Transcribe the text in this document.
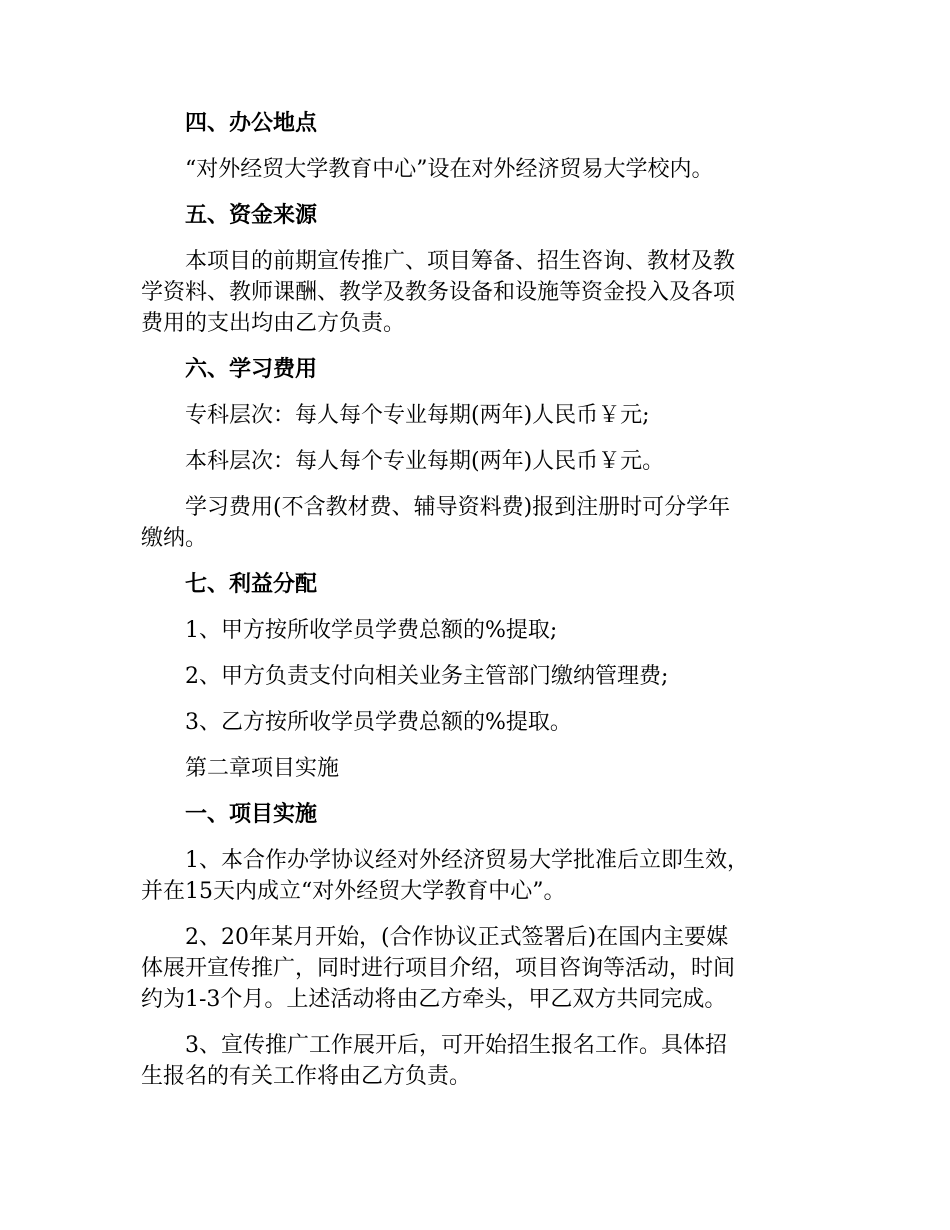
四、办公地点

“对外经贸大学教育中心”设在对外经济贸易大学校内。

五、资金来源

本项目的前期宣传推广、项目筹备、招生咨询、教材及教
学资料、教师课酬、教学及教务设备和设施等资金投入及各项
费用的支出均由乙方负责。

六、学习费用

专科层次：每人每个专业每期(两年)人民币￥元;

本科层次：每人每个专业每期(两年)人民币￥元。

学习费用(不含教材费、辅导资料费)报到注册时可分学年
缴纳。

七、利益分配

1、甲方按所收学员学费总额的%提取;

2、甲方负责支付向相关业务主管部门缴纳管理费;

3、乙方按所收学员学费总额的%提取。

第二章项目实施

一、项目实施

1、本合作办学协议经对外经济贸易大学批准后立即生效，
并在15天内成立“对外经贸大学教育中心”。

2、20年某月开始，(合作协议正式签署后)在国内主要媒
体展开宣传推广，同时进行项目介绍，项目咨询等活动，时间
约为1-3个月。上述活动将由乙方牵头，甲乙双方共同完成。

3、宣传推广工作展开后，可开始招生报名工作。具体招
生报名的有关工作将由乙方负责。
